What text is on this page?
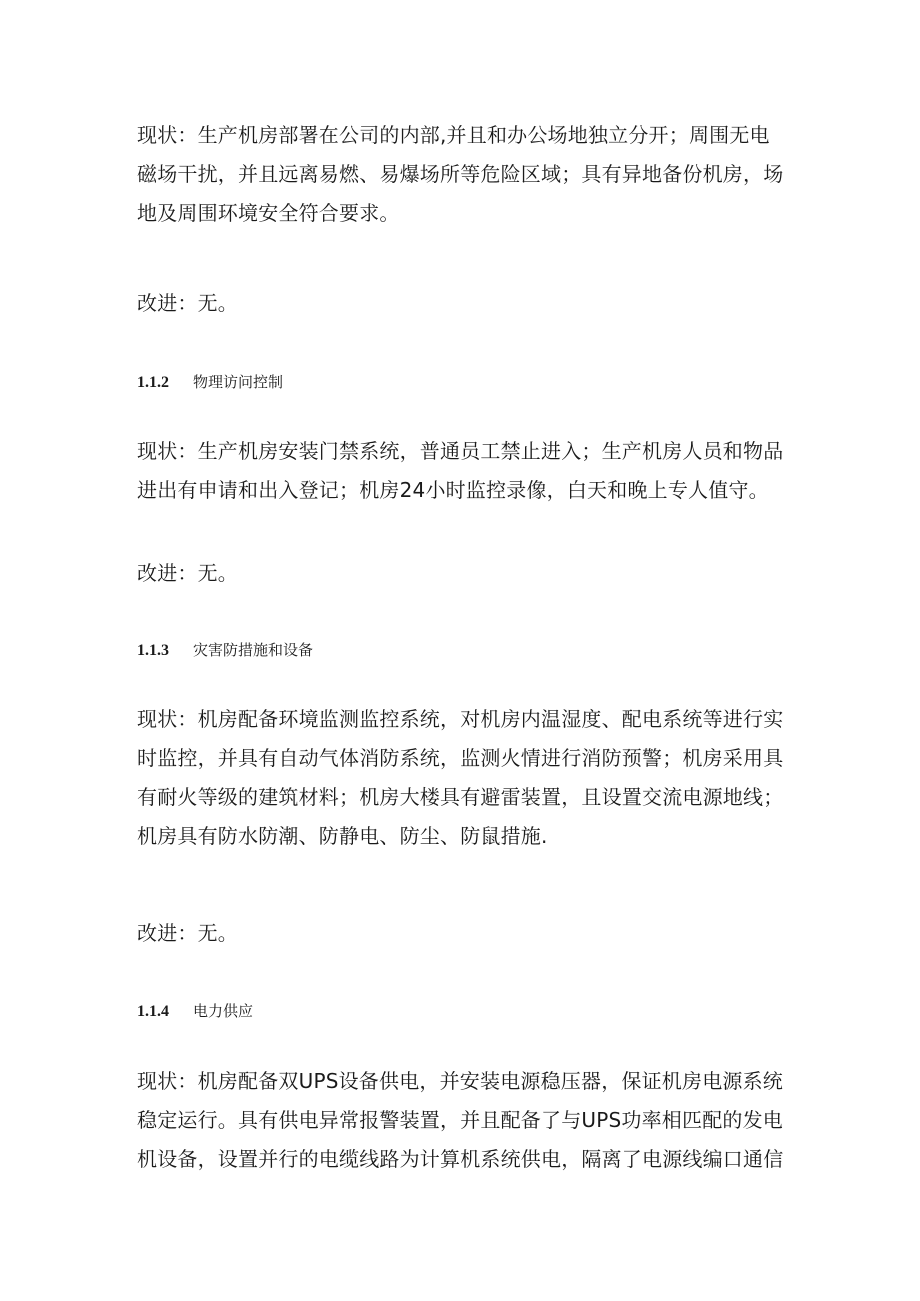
现状：生产机房部署在公司的内部,并且和办公场地独立分开；周围无电磁场干扰，并且远离易燃、易爆场所等危险区域；具有异地备份机房，场地及周围环境安全符合要求。

改进：无。

1.1.2 物理访问控制

现状：生产机房安装门禁系统，普通员工禁止进入；生产机房人员和物品进出有申请和出入登记；机房24小时监控录像，白天和晚上专人值守。

改进：无。

1.1.3 灾害防措施和设备

现状：机房配备环境监测监控系统，对机房内温湿度、配电系统等进行实时监控，并具有自动气体消防系统，监测火情进行消防预警；机房采用具有耐火等级的建筑材料；机房大楼具有避雷装置，且设置交流电源地线；机房具有防水防潮、防静电、防尘、防鼠措施.

改进：无。

1.1.4 电力供应

现状：机房配备双UPS设备供电，并安装电源稳压器，保证机房电源系统稳定运行。具有供电异常报警装置，并且配备了与UPS功率相匹配的发电机设备，设置并行的电缆线路为计算机系统供电，隔离了电源线编口通信
